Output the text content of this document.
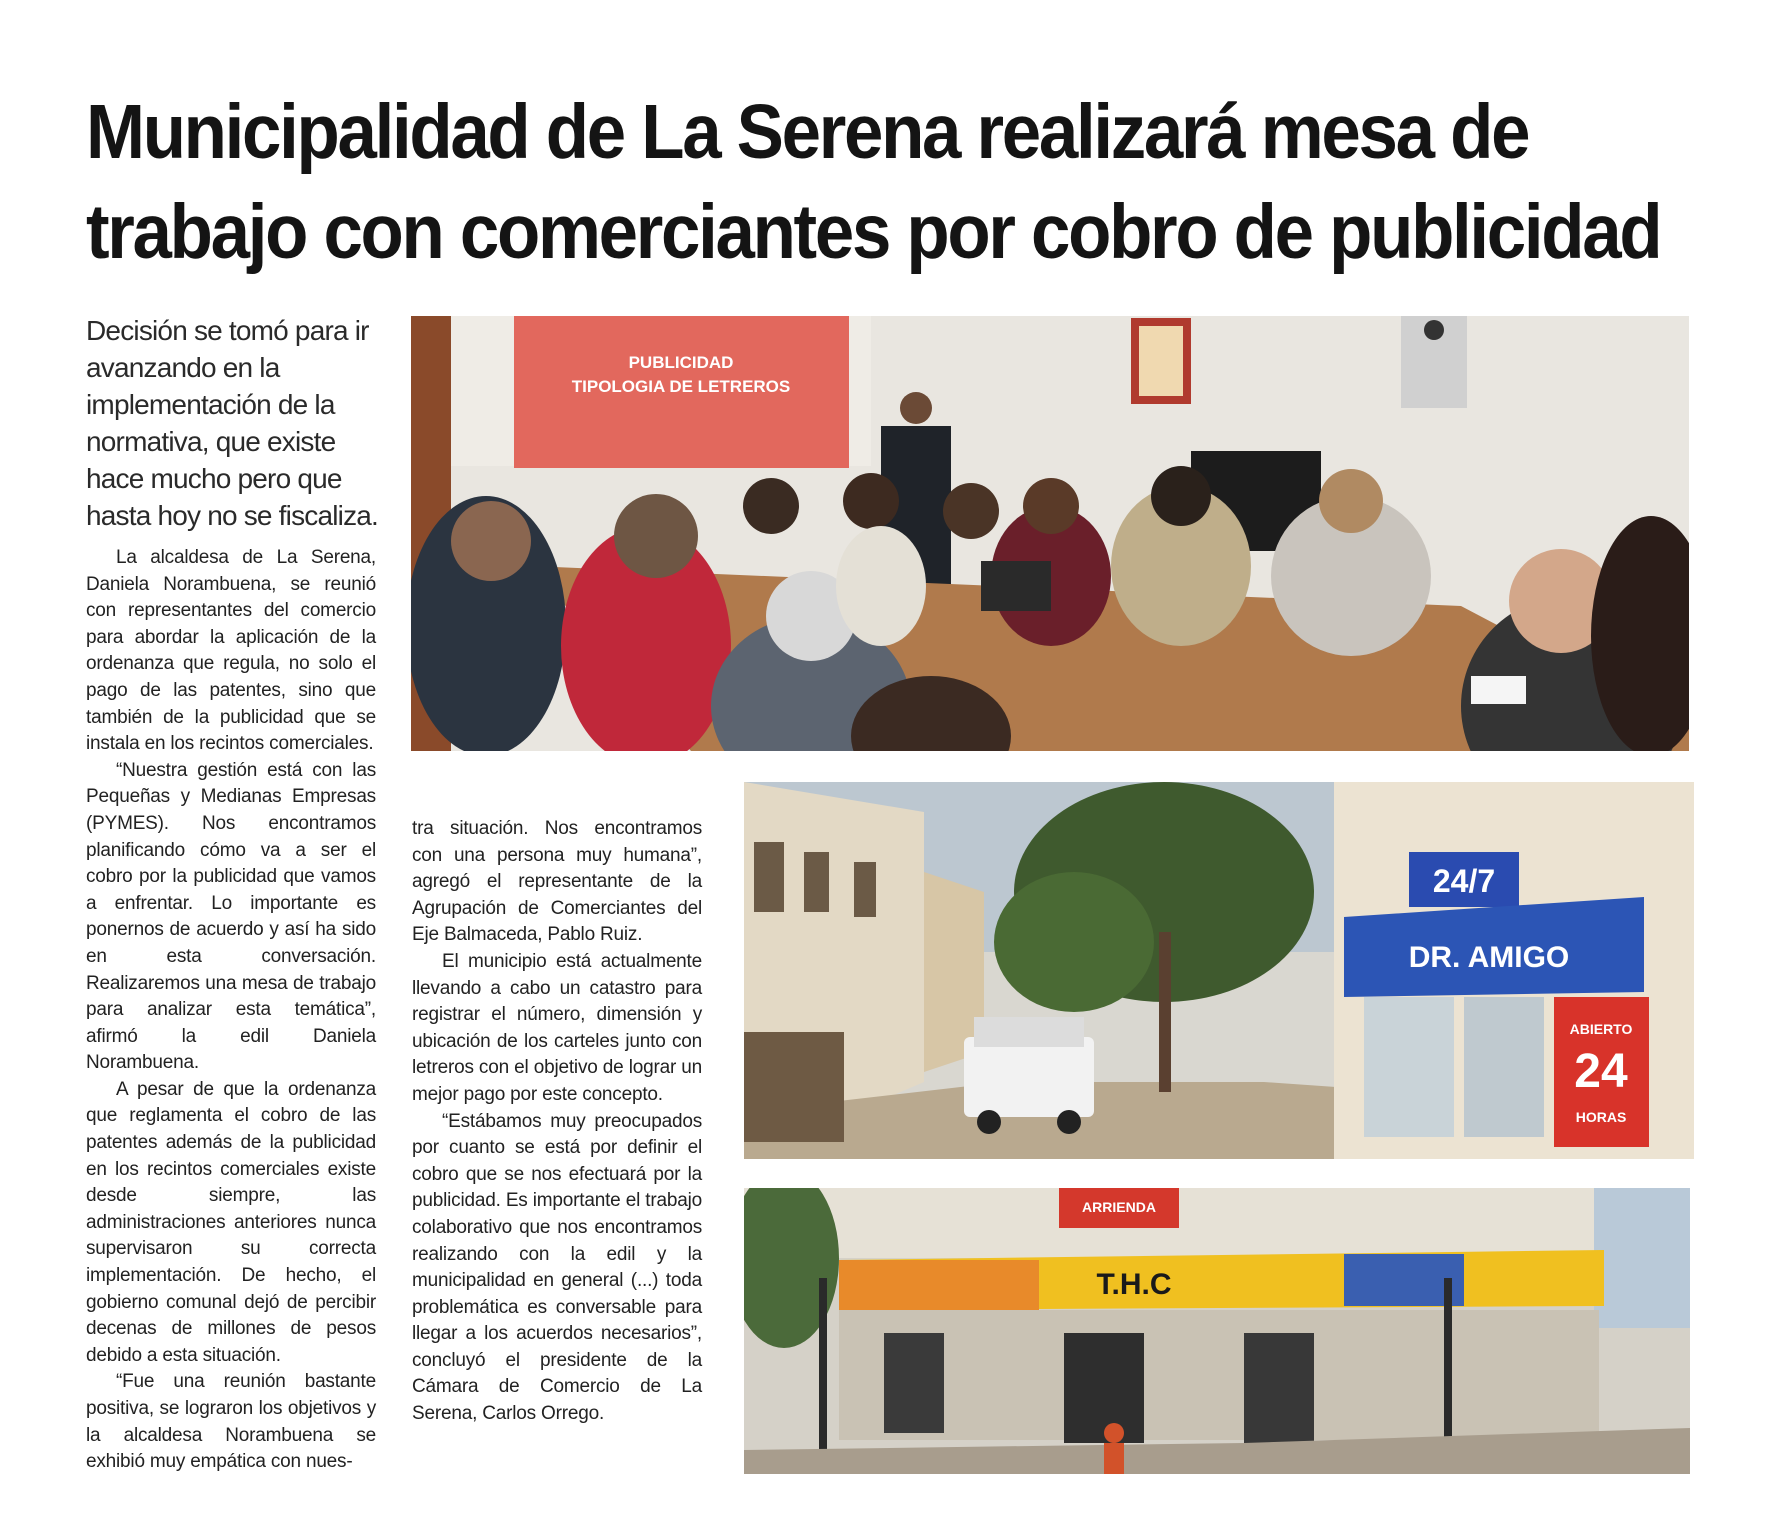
Municipalidad de La Serena realizará mesa de
trabajo con comerciantes por cobro de publicidad

Decisión se tomó para ir avanzando en la implementación de la normativa, que existe hace mucho pero que hasta hoy no se fiscaliza.

La alcaldesa de La Serena, Daniela Norambuena, se reunió con representantes del comercio para abordar la aplicación de la ordenanza que regula, no solo el pago de las patentes, sino que también de la publicidad que se instala en los recintos comerciales.

“Nuestra gestión está con las Pequeñas y Medianas Empresas (PYMES). Nos encontramos planificando cómo va a ser el cobro por la publicidad que vamos a enfrentar. Lo importante es ponernos de acuerdo y así ha sido en esta conversación. Realizaremos una mesa de trabajo para analizar esta temática”, afirmó la edil Daniela Norambuena.

A pesar de que la ordenanza que reglamenta el cobro de las patentes además de la publicidad en los recintos comerciales existe desde siempre, las administraciones anteriores nunca supervisaron su correcta implementación. De hecho, el gobierno comunal dejó de percibir decenas de millones de pesos debido a esta situación.

“Fue una reunión bastante positiva, se lograron los objetivos y la alcaldesa Norambuena se exhibió muy empática con nues-

tra situación. Nos encontramos con una persona muy humana”, agregó el representante de la Agrupación de Comerciantes del Eje Balmaceda, Pablo Ruiz.

El municipio está actualmente llevando a cabo un catastro para registrar el número, dimensión y ubicación de los carteles junto con letreros con el objetivo de lograr un mejor pago por este concepto.

“Estábamos muy preocupados por cuanto se está por definir el cobro que se nos efectuará por la publicidad. Es importante el trabajo colaborativo que nos encontramos realizando con la edil y la municipalidad en general (...) toda problemática es conversable para llegar a los acuerdos necesarios”, concluyó el presidente de la Cámara de Comercio de La Serena, Carlos Orrego.

PUBLICIDAD
TIPOLOGIA DE LETREROS
24/7
DR. AMIGO
ABIERTO
24
HORAS
ARRIENDA
T.H.C
